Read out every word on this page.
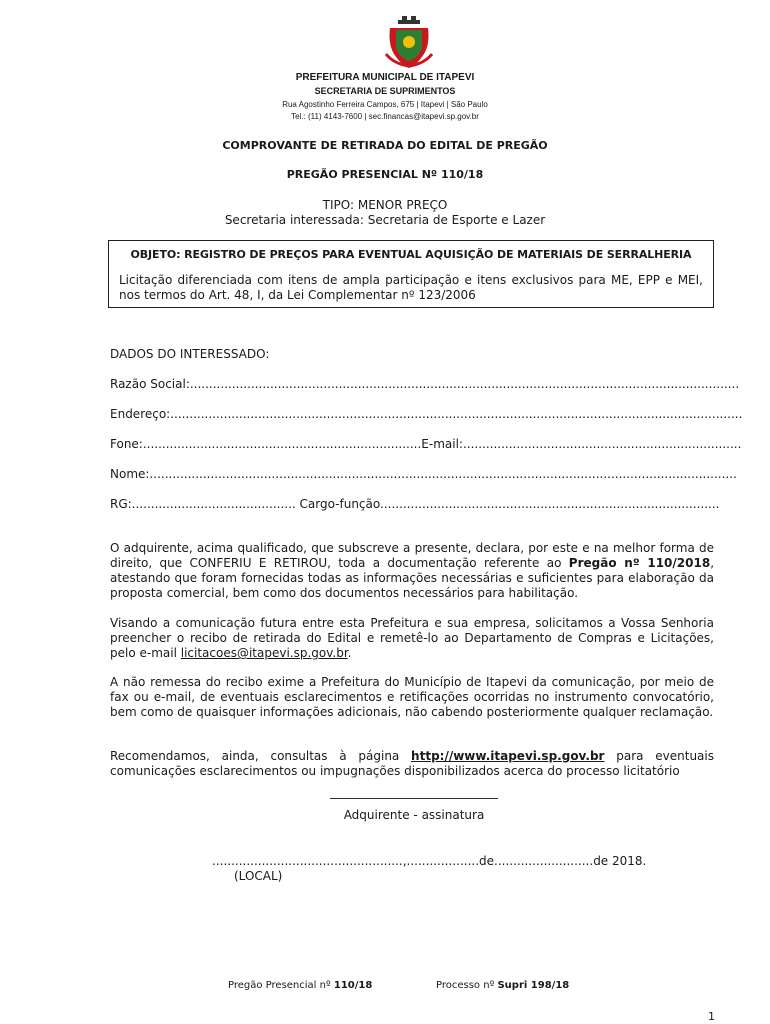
PREFEITURA MUNICIPAL DE ITAPEVI
SECRETARIA DE SUPRIMENTOS
Rua Agostinho Ferreira Campos, 675 | Itapevi | São Paulo
Tel.: (11) 4143-7600 | sec.financas@itapevi.sp.gov.br
COMPROVANTE DE RETIRADA DO EDITAL DE PREGÃO
PREGÃO PRESENCIAL Nº 110/18
TIPO: MENOR PREÇO
Secretaria interessada: Secretaria de Esporte e Lazer
OBJETO: REGISTRO DE PREÇOS PARA EVENTUAL AQUISIÇÃO DE MATERIAIS DE SERRALHERIA
Licitação diferenciada com itens de ampla participação e itens exclusivos para ME, EPP e MEI, nos termos do Art. 48, I, da Lei Complementar nº 123/2006
DADOS DO INTERESSADO:
Razão Social:................................................................................................................................................
Endereço:......................................................................................................................................................
Fone:.........................................................................E-mail:.........................................................................
Nome:..........................................................................................................................................................
RG:........................................... Cargo-função.........................................................................................

O adquirente, acima qualificado, que subscreve a presente, declara, por este e na melhor forma de direito, que CONFERIU E RETIROU, toda a documentação referente ao Pregão nº 110/2018, atestando que foram fornecidas todas as informações necessárias e suficientes para elaboração da proposta comercial, bem como dos documentos necessários para habilitação.

Visando a comunicação futura entre esta Prefeitura e sua empresa, solicitamos a Vossa Senhoria preencher o recibo de retirada do Edital e remetê-lo ao Departamento de Compras e Licitações, pelo e-mail licitacoes@itapevi.sp.gov.br.

A não remessa do recibo exime a Prefeitura do Município de Itapevi da comunicação, por meio de fax ou e-mail, de eventuais esclarecimentos e retificações ocorridas no instrumento convocatório, bem como de quaisquer informações adicionais, não cabendo posteriormente qualquer reclamação.

Recomendamos, ainda, consultas à página http://www.itapevi.sp.gov.br para eventuais comunicações esclarecimentos ou impugnações disponibilizados acerca do processo licitatório

Adquirente - assinatura
..................................................,...................de..........................de 2018.
(LOCAL)
Pregão Presencial nº 110/18	Processo nº Supri 198/18
1
